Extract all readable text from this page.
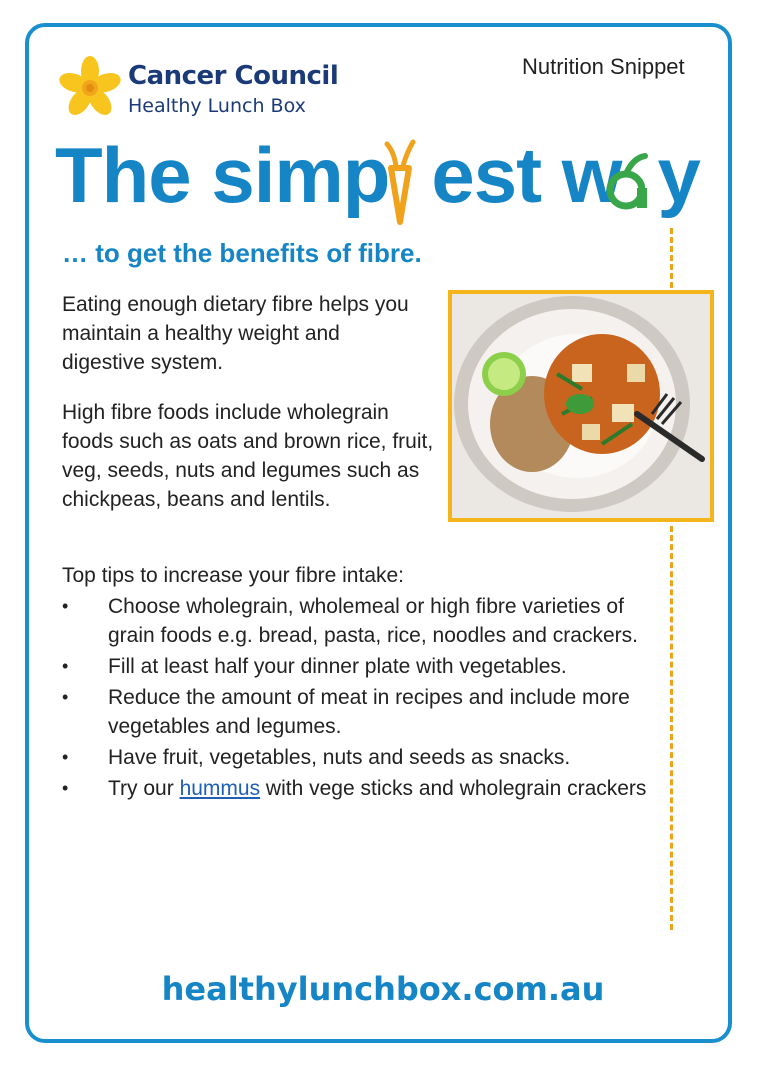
Nutrition Snippet
Cancer Council
Healthy Lunch Box
The simp est w y
… to get the benefits of fibre.
Eating enough dietary fibre helps you maintain a healthy weight and digestive system.
High fibre foods include wholegrain foods such as oats and brown rice, fruit, veg, seeds, nuts and legumes such as chickpeas, beans and lentils.
Top tips to increase your fibre intake:
• Choose wholegrain, wholemeal or high fibre varieties of grain foods e.g. bread, pasta, rice, noodles and crackers.
• Fill at least half your dinner plate with vegetables.
• Reduce the amount of meat in recipes and include more vegetables and legumes.
• Have fruit, vegetables, nuts and seeds as snacks.
• Try our hummus with vege sticks and wholegrain crackers
healthylunchbox.com.au
